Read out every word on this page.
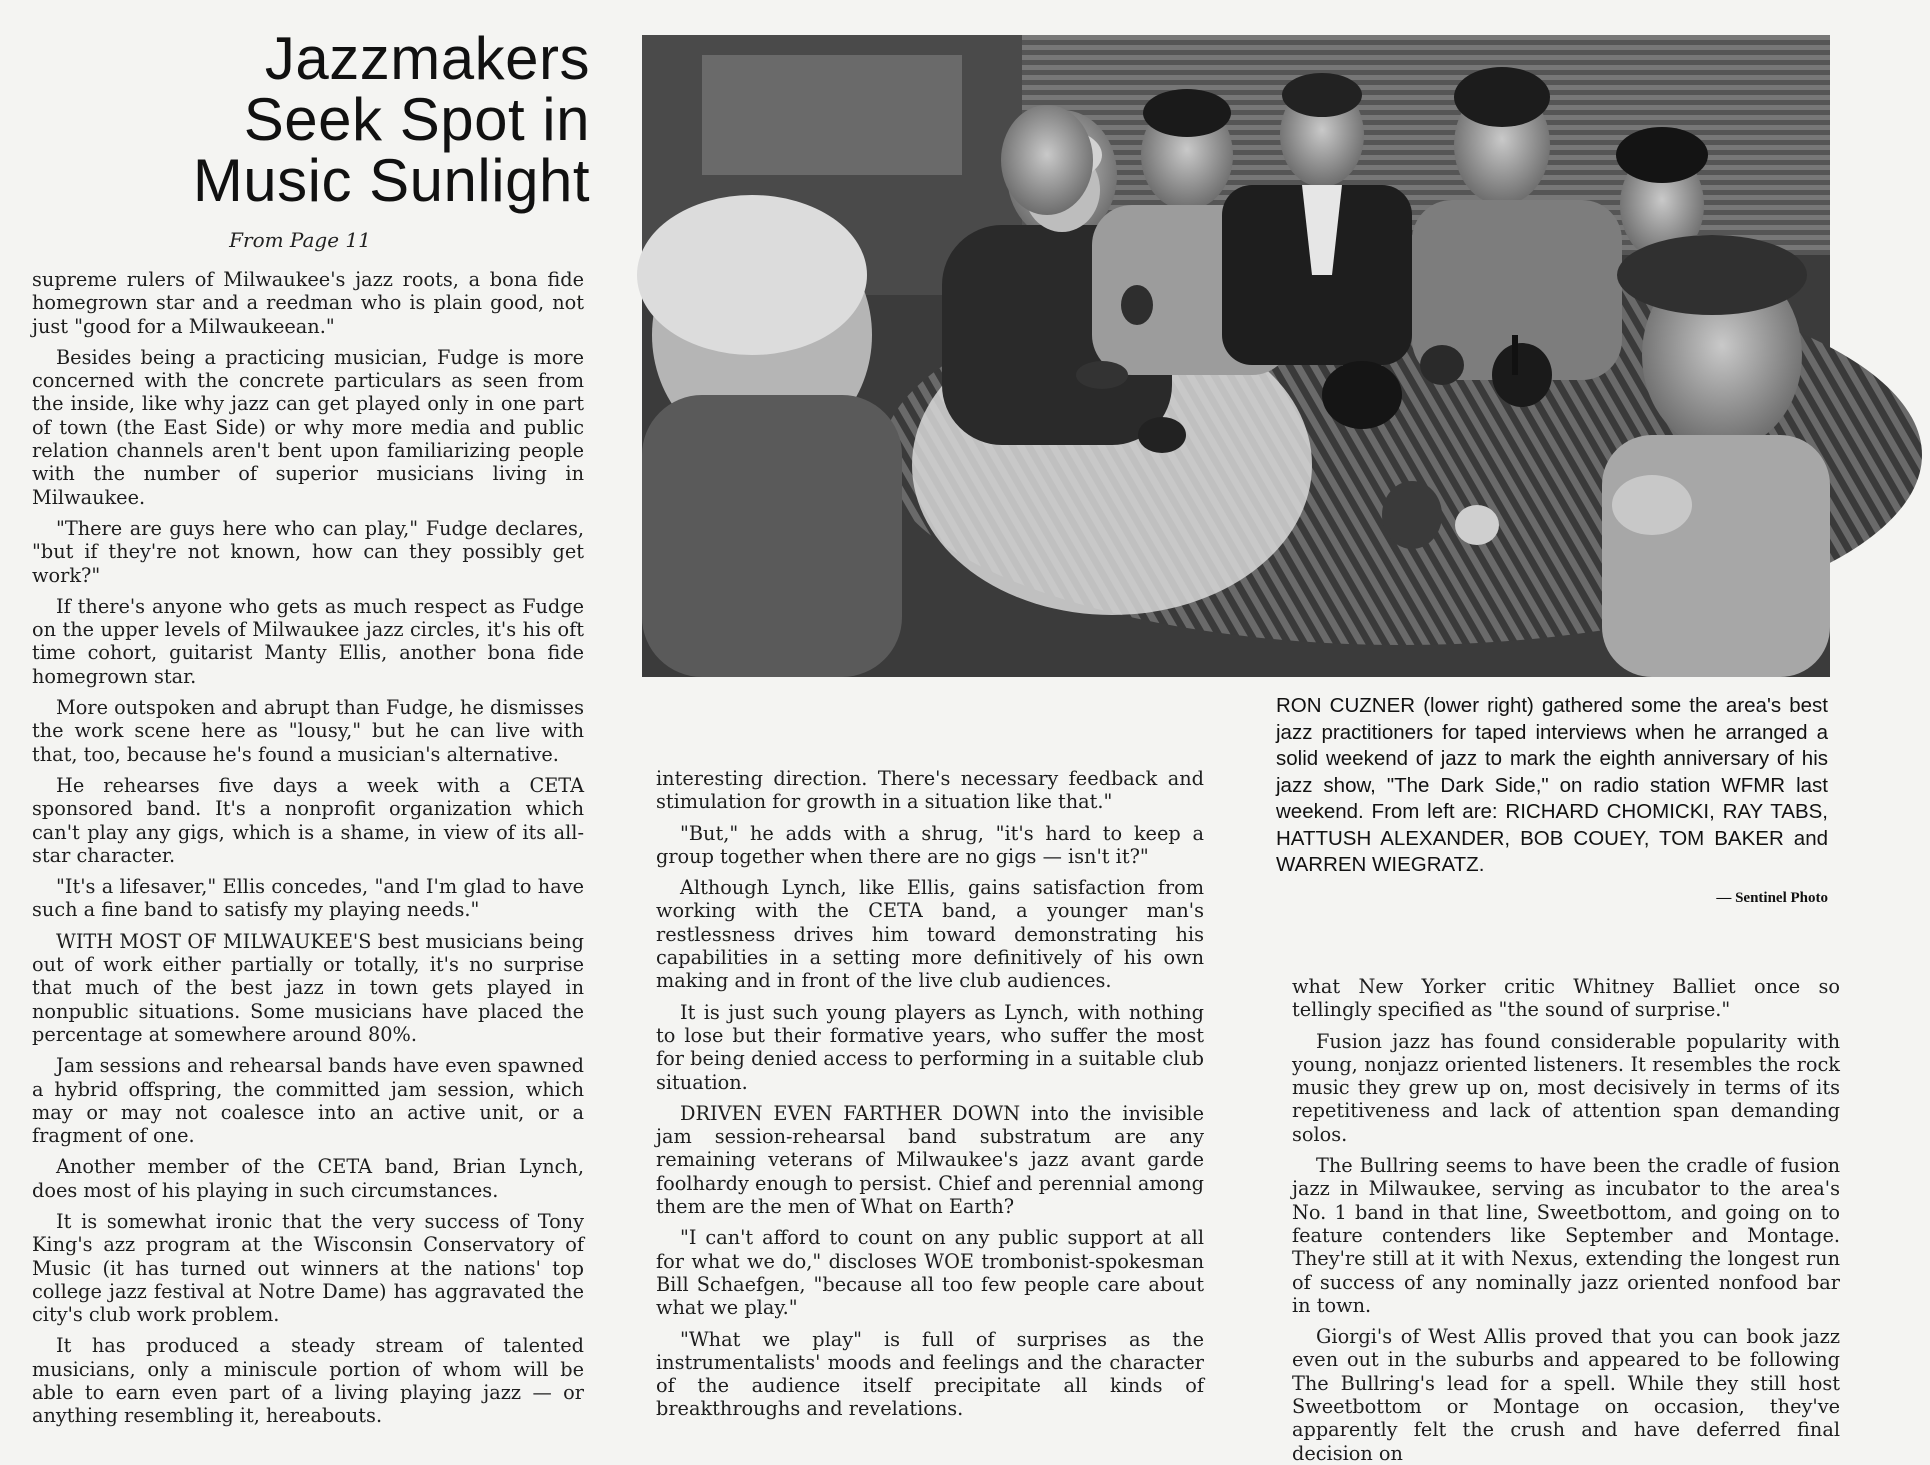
Jazzmakers
Seek Spot in
Music Sunlight
From Page 11

supreme rulers of Milwaukee's jazz roots, a bona fide homegrown star and a reedman who is plain good, not just "good for a Milwaukeean."

Besides being a practicing musician, Fudge is more concerned with the concrete particulars as seen from the inside, like why jazz can get played only in one part of town (the East Side) or why more media and public relation channels aren't bent upon familiarizing people with the number of superior musicians living in Milwaukee.

"There are guys here who can play," Fudge declares, "but if they're not known, how can they possibly get work?"

If there's anyone who gets as much respect as Fudge on the upper levels of Milwaukee jazz circles, it's his oft time cohort, guitarist Manty Ellis, another bona fide homegrown star.

More outspoken and abrupt than Fudge, he dismisses the work scene here as "lousy," but he can live with that, too, because he's found a musician's alternative.

He rehearses five days a week with a CETA sponsored band. It's a nonprofit organization which can't play any gigs, which is a shame, in view of its all-star character.

"It's a lifesaver," Ellis concedes, "and I'm glad to have such a fine band to satisfy my playing needs."

WITH MOST OF MILWAUKEE'S best musicians being out of work either partially or totally, it's no surprise that much of the best jazz in town gets played in nonpublic situations. Some musicians have placed the percentage at somewhere around 80%.

Jam sessions and rehearsal bands have even spawned a hybrid offspring, the committed jam session, which may or may not coalesce into an active unit, or a fragment of one.

Another member of the CETA band, Brian Lynch, does most of his playing in such circumstances.

It is somewhat ironic that the very success of Tony King's azz program at the Wisconsin Conservatory of Music (it has turned out winners at the nations' top college jazz festival at Notre Dame) has aggravated the city's club work problem.

It has produced a steady stream of talented musicians, only a miniscule portion of whom will be able to earn even part of a living playing jazz — or anything resembling it, hereabouts.

RON CUZNER (lower right) gathered some the area's best jazz practitioners for taped interviews when he arranged a solid weekend of jazz to mark the eighth anniversary of his jazz show, "The Dark Side," on radio station WFMR last weekend. From left are: RICHARD CHOMICKI, RAY TABS, HATTUSH ALEXANDER, BOB COUEY, TOM BAKER and WARREN WIEGRATZ.
— Sentinel Photo

interesting direction. There's necessary feedback and stimulation for growth in a situation like that."

"But," he adds with a shrug, "it's hard to keep a group together when there are no gigs — isn't it?"

Although Lynch, like Ellis, gains satisfaction from working with the CETA band, a younger man's restlessness drives him toward demonstrating his capabilities in a setting more definitively of his own making and in front of the live club audiences.

It is just such young players as Lynch, with nothing to lose but their formative years, who suffer the most for being denied access to performing in a suitable club situation.

DRIVEN EVEN FARTHER DOWN into the invisible jam session-rehearsal band substratum are any remaining veterans of Milwaukee's jazz avant garde foolhardy enough to persist. Chief and perennial among them are the men of What on Earth?

"I can't afford to count on any public support at all for what we do," discloses WOE trombonist-spokesman Bill Schaefgen, "because all too few people care about what we play."

"What we play" is full of surprises as the instrumentalists' moods and feelings and the character of the audience itself precipitate all kinds of breakthroughs and revelations.

what New Yorker critic Whitney Balliet once so tellingly specified as "the sound of surprise."

Fusion jazz has found considerable popularity with young, nonjazz oriented listeners. It resembles the rock music they grew up on, most decisively in terms of its repetitiveness and lack of attention span demanding solos.

The Bullring seems to have been the cradle of fusion jazz in Milwaukee, serving as incubator to the area's No. 1 band in that line, Sweetbottom, and going on to feature contenders like September and Montage. They're still at it with Nexus, extending the longest run of success of any nominally jazz oriented nonfood bar in town.

Giorgi's of West Allis proved that you can book jazz even out in the suburbs and appeared to be following The Bullring's lead for a spell. While they still host Sweetbottom or Montage on occasion, they've apparently felt the crush and have deferred final decision on
